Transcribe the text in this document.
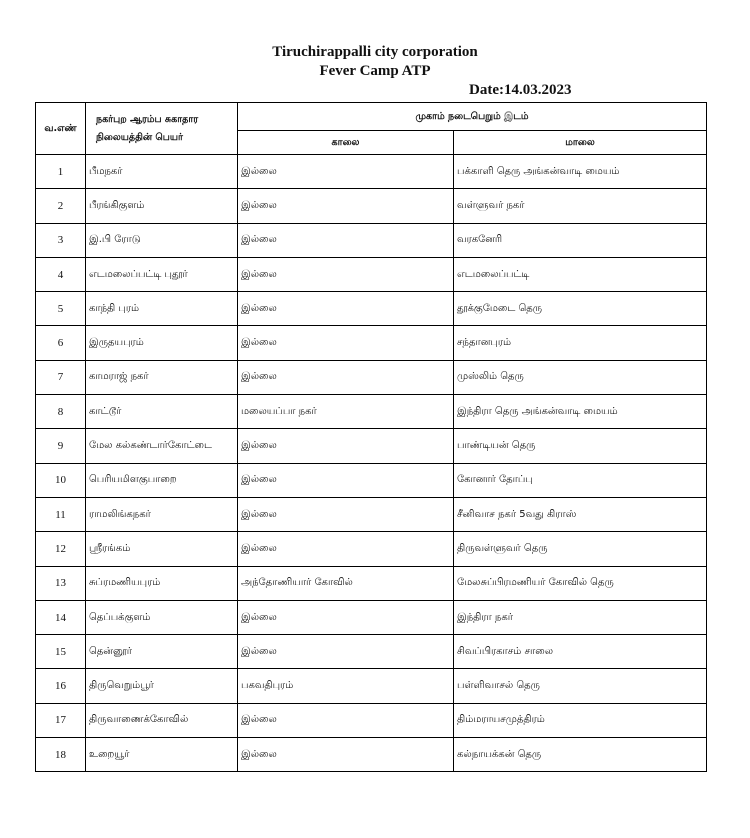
Tiruchirappalli city corporation
Fever Camp ATP
Date:14.03.2023
வ.எண்	நகர்புற ஆரம்ப சுகாதார நிலையத்தின் பெயர்	முகாம் நடைபெறும் இடம்	
		காலை	மாலை
1	பீமநகர்	இல்லை	பக்காளி தெரு அங்கன்வாடி மையம்
2	பீரங்கிகுளம்	இல்லை	வள்ளுவர் நகர்
3	இ.பி ரோடு	இல்லை	வரகனேரி
4	எடமலைப்பட்டி புதூர்	இல்லை	எடமலைப்பட்டி
5	காந்தி புரம்	இல்லை	தூக்குமேடை தெரு
6	இருதயபுரம்	இல்லை	சந்தானபுரம்
7	காமராஜ் நகர்	இல்லை	முஸ்லிம் தெரு
8	காட்டூர்	மலையப்பா நகர்	இந்திரா தெரு அங்கன்வாடி மையம்
9	மேல கல்கண்டார்கோட்டை	இல்லை	பாண்டியன் தெரு
10	பெரியமிளகுபாறை	இல்லை	கோனார் தோப்பு
11	ராமலிங்கநகர்	இல்லை	சீனிவாச நகர் 5வது கிராஸ்
12	ஸ்ரீரங்கம்	இல்லை	திருவள்ளுவர் தெரு
13	சுப்ரமணியபுரம்	அந்தோணியார் கோவில்	மேலசுப்பிரமணியர் கோவில் தெரு
14	தெப்பக்குளம்	இல்லை	இந்திரா நகர்
15	தென்னூர்	இல்லை	சிவப்பிரகாசம் சாலை
16	திருவெறும்பூர்	பகவதிபுரம்	பள்ளிவாசல் தெரு
17	திருவாணைக்கோவில்	இல்லை	திம்மராயசமுத்திரம்
18	உறையூர்	இல்லை	கல்நாயக்கன் தெரு
